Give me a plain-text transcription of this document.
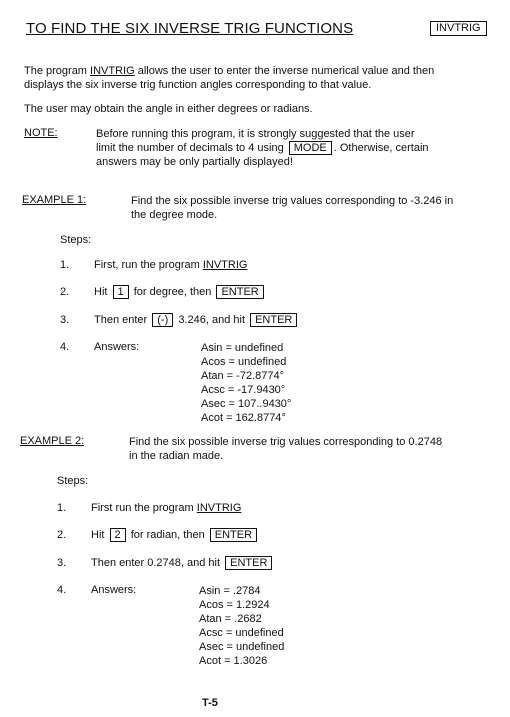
TO FIND THE SIX INVERSE TRIG FUNCTIONS	INVTRIG
The program INVTRIG allows the user to enter the inverse numerical value and then
displays the six inverse trig function angles corresponding to that value.
The user may obtain the angle in either degrees or radians.
NOTE:	Before running this program, it is strongly suggested that the user
limit the number of decimals to 4 using MODE . Otherwise, certain
answers may be only partially displayed!
EXAMPLE 1:	Find the six possible inverse trig values corresponding to -3.246 in
the degree mode.
Steps:
1. First, run the program INVTRIG
2. Hit 1 for degree, then ENTER
3. Then enter (-) 3.246, and hit ENTER
4. Answers:	Asin = undefined
Acos = undefined
Atan = -72.8774°
Acsc = -17.9430°
Asec = 107..9430°
Acot = 162.8774°
EXAMPLE 2:	Find the six possible inverse trig values corresponding to 0.2748
in the radian made.
Steps:
1. First run the program INVTRIG
2. Hit 2 for radian, then ENTER
3. Then enter 0.2748, and hit ENTER
4. Answers:	Asin = .2784
Acos = 1.2924
Atan = .2682
Acsc = undefined
Asec = undefined
Acot = 1.3026
T-5
